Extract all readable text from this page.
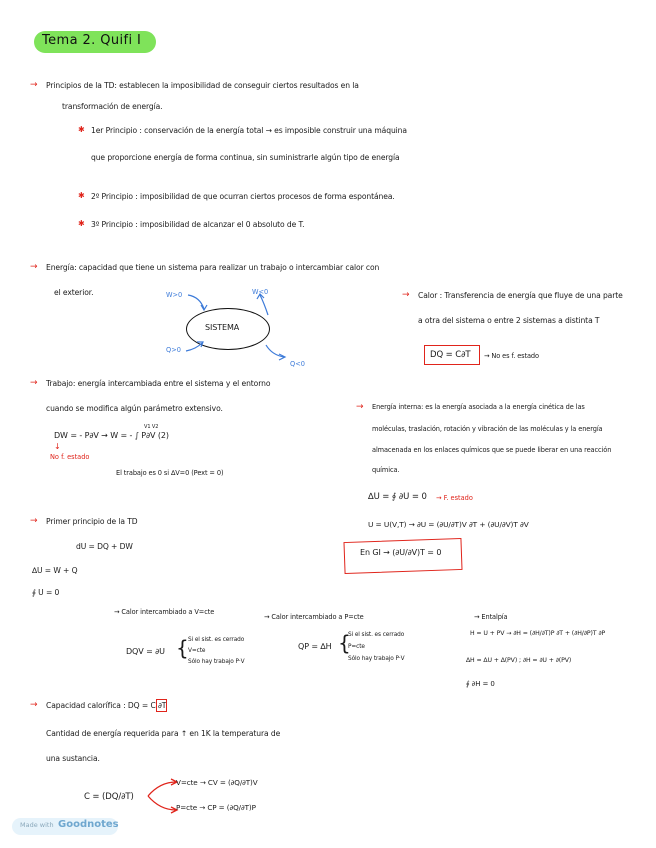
Tema 2. Quifi I
→ Principios de la TD: establecen la imposibilidad de conseguir ciertos resultados en la
transformación de energía.
✱ 1er Principio : conservación de la energía total → es imposible construir una máquina
que proporcione energía de forma continua, sin suministrarle algún tipo de energía
✱ 2º Principio : imposibilidad de que ocurran ciertos procesos de forma espontánea.
✱ 3º Principio : imposibilidad de alcanzar el 0 absoluto de T.
→ Energía: capacidad que tiene un sistema para realizar un trabajo o intercambiar calor con
el exterior.
SISTEMA
W>0	W<0
Q>0
Q<0
→ Calor : Transferencia de energía que fluye de una parte
a otra del sistema o entre 2 sistemas a distinta T
DQ = C∂T → No es f. estado
→ Trabajo: energía intercambiada entre el sistema y el entorno
cuando se modifica algún parámetro extensivo.
DW = - P∂V → W = - ∫ P∂V (2)
V1 V2
↓
No f. estado
El trabajo es 0 si ∆V=0 (Pext = 0)
→ Energía interna: es la energía asociada a la energía cinética de las
moléculas, traslación, rotación y vibración de las moléculas y la energía
almacenada en los enlaces químicos que se puede liberar en una reacción
química.
∆U = ∮ ∂U = 0 → F. estado
U = U(V,T) → ∂U = (∂U/∂T)V ∂T + (∂U/∂V)T ∂V
En GI → (∂U/∂V)T = 0
→ Primer principio de la TD
dU = DQ + DW
∆U = W + Q
∮ U = 0
→ Calor intercambiado a V=cte
DQV = ∂U { Si el sist. es cerrado
V=cte
Sólo hay trabajo P·V
→ Calor intercambiado a P=cte
QP = ∆H {
Si el sist. es cerrado
P=cte
Sólo hay trabajo P·V
→ Entalpía
H = U + PV → ∂H = (∂H/∂T)P ∂T + (∂H/∂P)T ∂P
∆H = ∆U + ∆(PV) ; ∂H = ∂U + ∂(PV)
∮ ∂H = 0
→ Capacidad calorífica : DQ = C ∂T
Cantidad de energía requerida para ↑ en 1K la temperatura de
una sustancia.
C = (DQ/∂T)
V=cte → CV = (∂Q/∂T)V
P=cte → CP = (∂Q/∂T)P
Made with Goodnotes
